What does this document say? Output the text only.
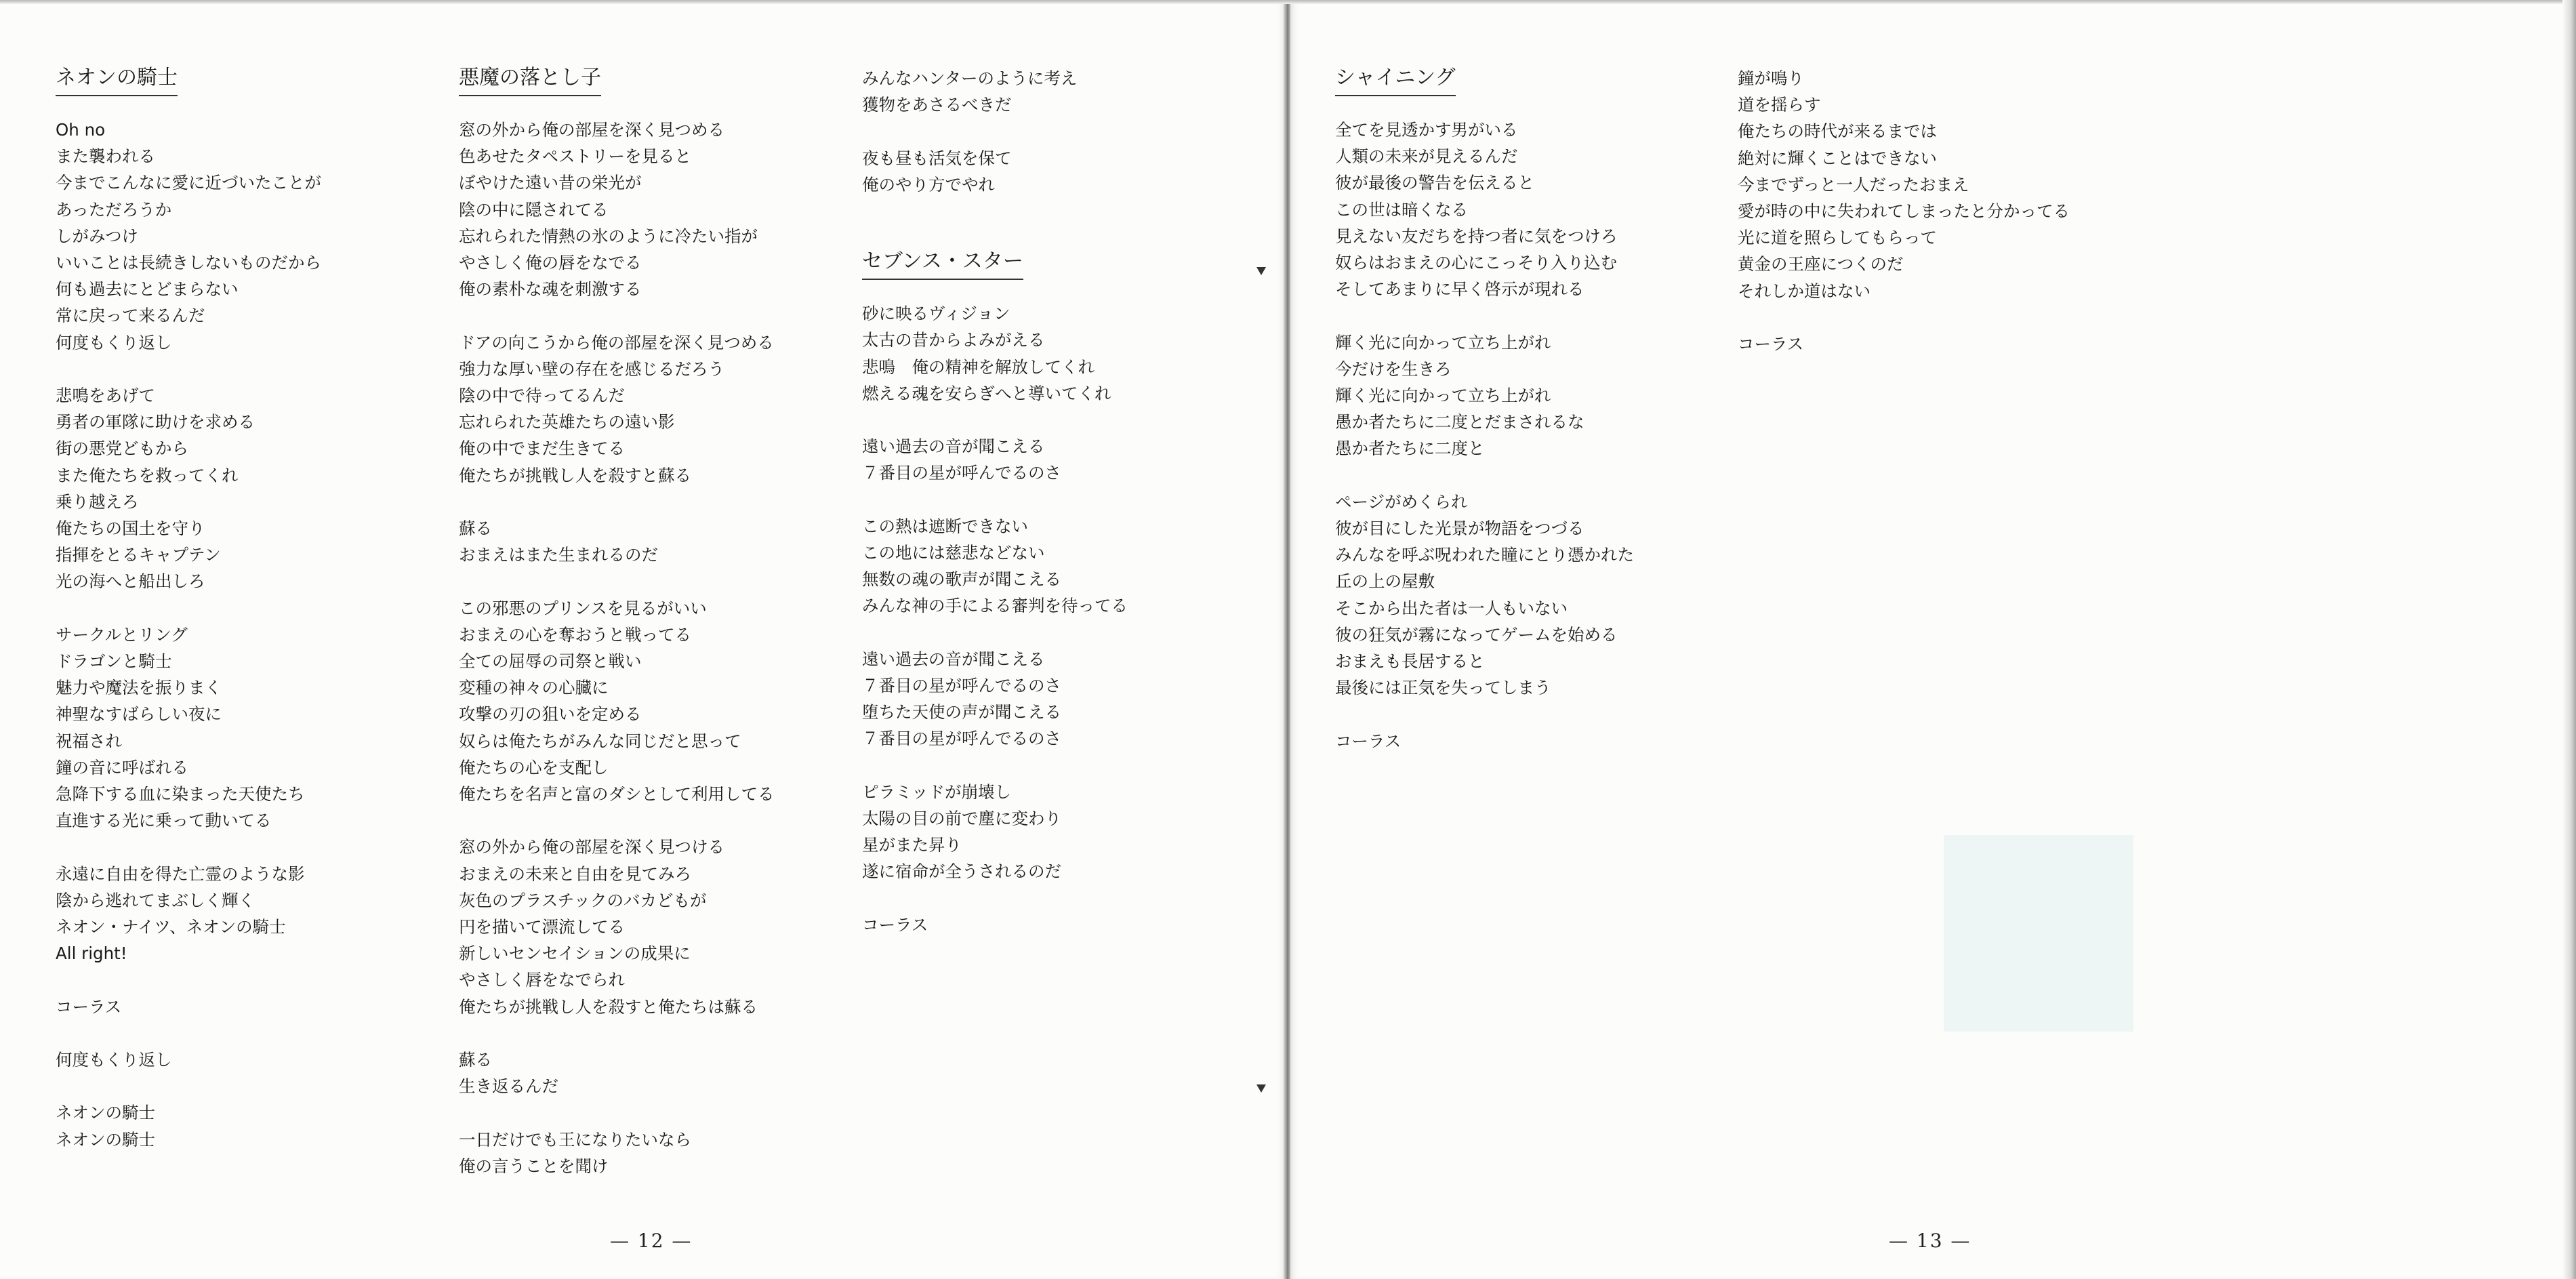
ネオンの騎士
Oh no
また襲われる
今までこんなに愛に近づいたことが
あっただろうか
しがみつけ
いいことは長続きしないものだから
何も過去にとどまらない
常に戻って来るんだ
何度もくり返し
悲鳴をあげて
勇者の軍隊に助けを求める
街の悪党どもから
また俺たちを救ってくれ
乗り越えろ
俺たちの国土を守り
指揮をとるキャプテン
光の海へと船出しろ
サークルとリング
ドラゴンと騎士
魅力や魔法を振りまく
神聖なすばらしい夜に
祝福され
鐘の音に呼ばれる
急降下する血に染まった天使たち
直進する光に乗って動いてる
永遠に自由を得た亡霊のような影
陰から逃れてまぶしく輝く
ネオン・ナイツ、ネオンの騎士
All right!
コーラス
何度もくり返し
ネオンの騎士
ネオンの騎士
悪魔の落とし子
窓の外から俺の部屋を深く見つめる
色あせたタペストリーを見ると
ぼやけた遠い昔の栄光が
陰の中に隠されてる
忘れられた情熱の氷のように冷たい指が
やさしく俺の唇をなでる
俺の素朴な魂を刺激する
ドアの向こうから俺の部屋を深く見つめる
強力な厚い壁の存在を感じるだろう
陰の中で待ってるんだ
忘れられた英雄たちの遠い影
俺の中でまだ生きてる
俺たちが挑戦し人を殺すと蘇る
蘇る
おまえはまた生まれるのだ
この邪悪のプリンスを見るがいい
おまえの心を奪おうと戦ってる
全ての屈辱の司祭と戦い
変種の神々の心臓に
攻撃の刃の狙いを定める
奴らは俺たちがみんな同じだと思って
俺たちの心を支配し
俺たちを名声と富のダシとして利用してる
窓の外から俺の部屋を深く見つける
おまえの未来と自由を見てみろ
灰色のプラスチックのバカどもが
円を描いて漂流してる
新しいセンセイションの成果に
やさしく唇をなでられ
俺たちが挑戦し人を殺すと俺たちは蘇る
蘇る
生き返るんだ
一日だけでも王になりたいなら
俺の言うことを聞け
みんなハンターのように考え
獲物をあさるべきだ
夜も昼も活気を保て
俺のやり方でやれ
セブンス・スター
砂に映るヴィジョン
太古の昔からよみがえる
悲鳴　俺の精神を解放してくれ
燃える魂を安らぎへと導いてくれ
遠い過去の音が聞こえる
７番目の星が呼んでるのさ
この熱は遮断できない
この地には慈悲などない
無数の魂の歌声が聞こえる
みんな神の手による審判を待ってる
遠い過去の音が聞こえる
７番目の星が呼んでるのさ
堕ちた天使の声が聞こえる
７番目の星が呼んでるのさ
ピラミッドが崩壊し
太陽の目の前で塵に変わり
星がまた昇り
遂に宿命が全うされるのだ
コーラス
— 12 —
シャイニング
全てを見透かす男がいる
人類の未来が見えるんだ
彼が最後の警告を伝えると
この世は暗くなる
見えない友だちを持つ者に気をつけろ
奴らはおまえの心にこっそり入り込む
そしてあまりに早く啓示が現れる
輝く光に向かって立ち上がれ
今だけを生きろ
輝く光に向かって立ち上がれ
愚か者たちに二度とだまされるな
愚か者たちに二度と
ページがめくられ
彼が目にした光景が物語をつづる
みんなを呼ぶ呪われた瞳にとり憑かれた
丘の上の屋敷
そこから出た者は一人もいない
彼の狂気が霧になってゲームを始める
おまえも長居すると
最後には正気を失ってしまう
コーラス
鐘が鳴り
道を揺らす
俺たちの時代が来るまでは
絶対に輝くことはできない
今までずっと一人だったおまえ
愛が時の中に失われてしまったと分かってる
光に道を照らしてもらって
黄金の王座につくのだ
それしか道はない
コーラス
— 13 —
